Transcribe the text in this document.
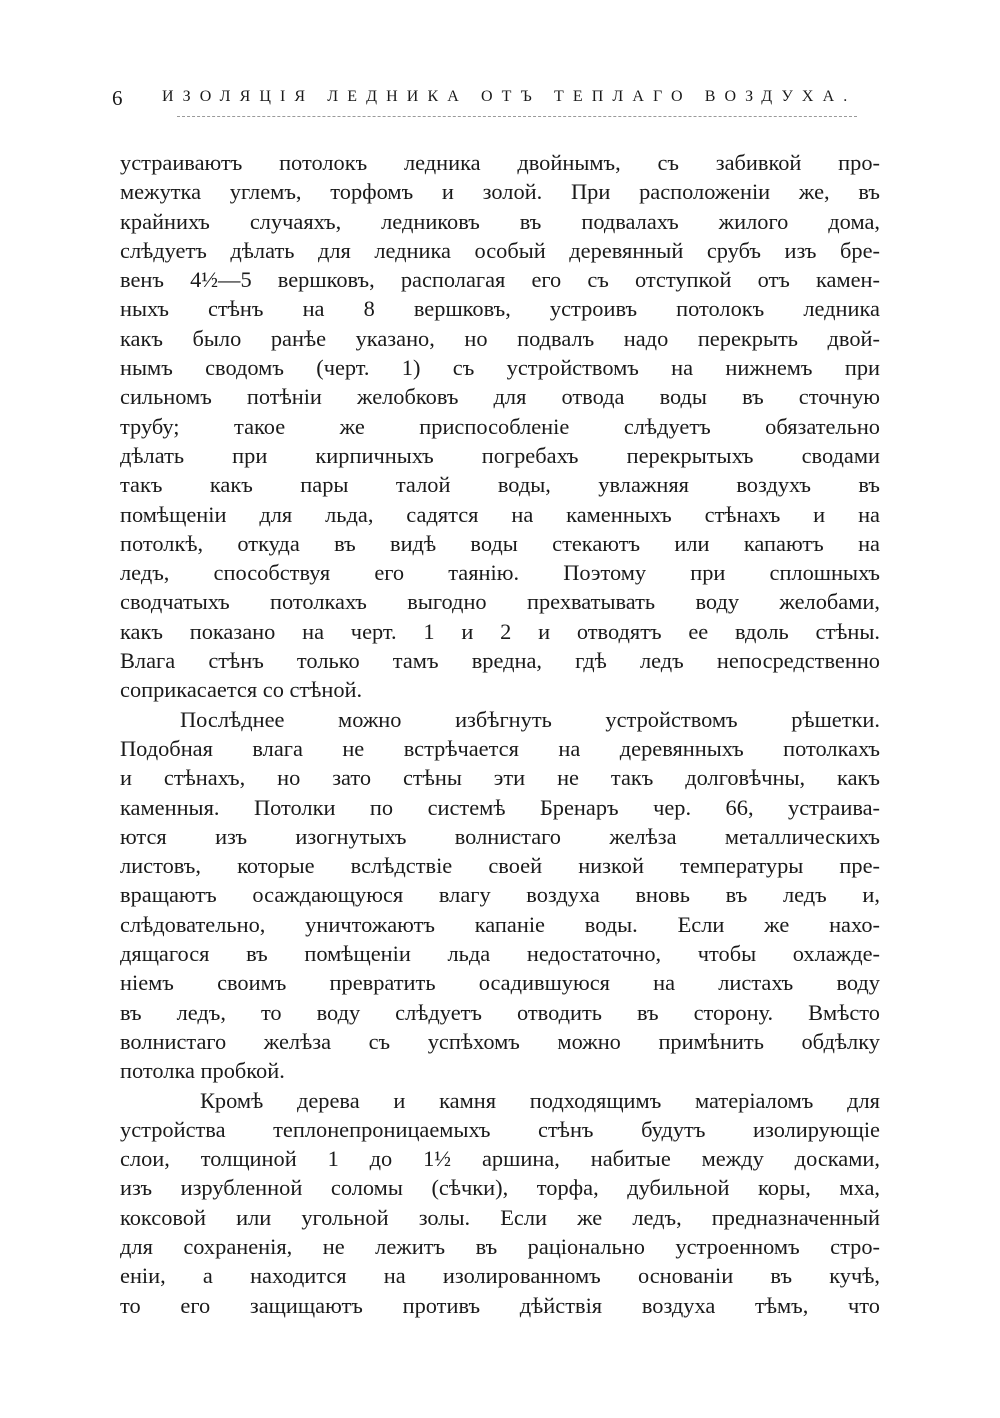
6 ИЗОЛЯЦІЯ ЛЕДНИКА ОТЪ ТЕПЛАГО ВОЗДУХА.
устраиваютъ потолокъ ледника двойнымъ, съ забивкой про-
межутка углемъ, торфомъ и золой. При расположеніи же, въ
крайнихъ случаяхъ, ледниковъ въ подвалахъ жилого дома,
слѣдуетъ дѣлать для ледника особый деревянный срубъ изъ бре-
венъ 4½—5 вершковъ, располагая его съ отступкой отъ камен-
ныхъ стѣнъ на 8 вершковъ, устроивъ потолокъ ледника
какъ было ранѣе указано, но подвалъ надо перекрыть двой-
нымъ сводомъ (черт. 1) съ устройствомъ на нижнемъ при
сильномъ потѣніи желобковъ для отвода воды въ сточную
трубу; такое же приспособленіе слѣдуетъ обязательно
дѣлать при кирпичныхъ погребахъ перекрытыхъ сводами
такъ какъ пары талой воды, увлажняя воздухъ въ
помѣщеніи для льда, садятся на каменныхъ стѣнахъ и на
потолкѣ, откуда въ видѣ воды стекаютъ или капаютъ на
ледъ, способствуя его таянію. Поэтому при сплошныхъ
сводчатыхъ потолкахъ выгодно прехватывать воду желобами,
какъ показано на черт. 1 и 2 и отводятъ ее вдоль стѣны.
Влага стѣнъ только тамъ вредна, гдѣ ледъ непосредственно
соприкасается со стѣной.
Послѣднее можно избѣгнуть устройствомъ рѣшетки.
Подобная влага не встрѣчается на деревянныхъ потолкахъ
и стѣнахъ, но зато стѣны эти не такъ долговѣчны, какъ
каменныя. Потолки по системѣ Бренаръ чер. 66, устраива-
ются изъ изогнутыхъ волнистаго желѣза металлическихъ
листовъ, которые вслѣдствіе своей низкой температуры пре-
вращаютъ осаждающуюся влагу воздуха вновь въ ледъ и,
слѣдовательно, уничтожаютъ капаніе воды. Если же нахо-
дящагося въ помѣщеніи льда недостаточно, чтобы охлажде-
ніемъ своимъ превратить осадившуюся на листахъ воду
въ ледъ, то воду слѣдуетъ отводить въ сторону. Вмѣсто
волнистаго желѣза съ успѣхомъ можно примѣнить обдѣлку
потолка пробкой.
Кромѣ дерева и камня подходящимъ матеріаломъ для
устройства теплонепроницаемыхъ стѣнъ будутъ изолирующіе
слои, толщиной 1 до 1½ аршина, набитые между досками,
изъ изрубленной соломы (сѣчки), торфа, дубильной коры, мха,
коксовой или угольной золы. Если же ледъ, предназначенный
для сохраненія, не лежитъ въ раціонально устроенномъ стро-
еніи, а находится на изолированномъ основаніи въ кучѣ,
то его защищаютъ противъ дѣйствія воздуха тѣмъ, что
